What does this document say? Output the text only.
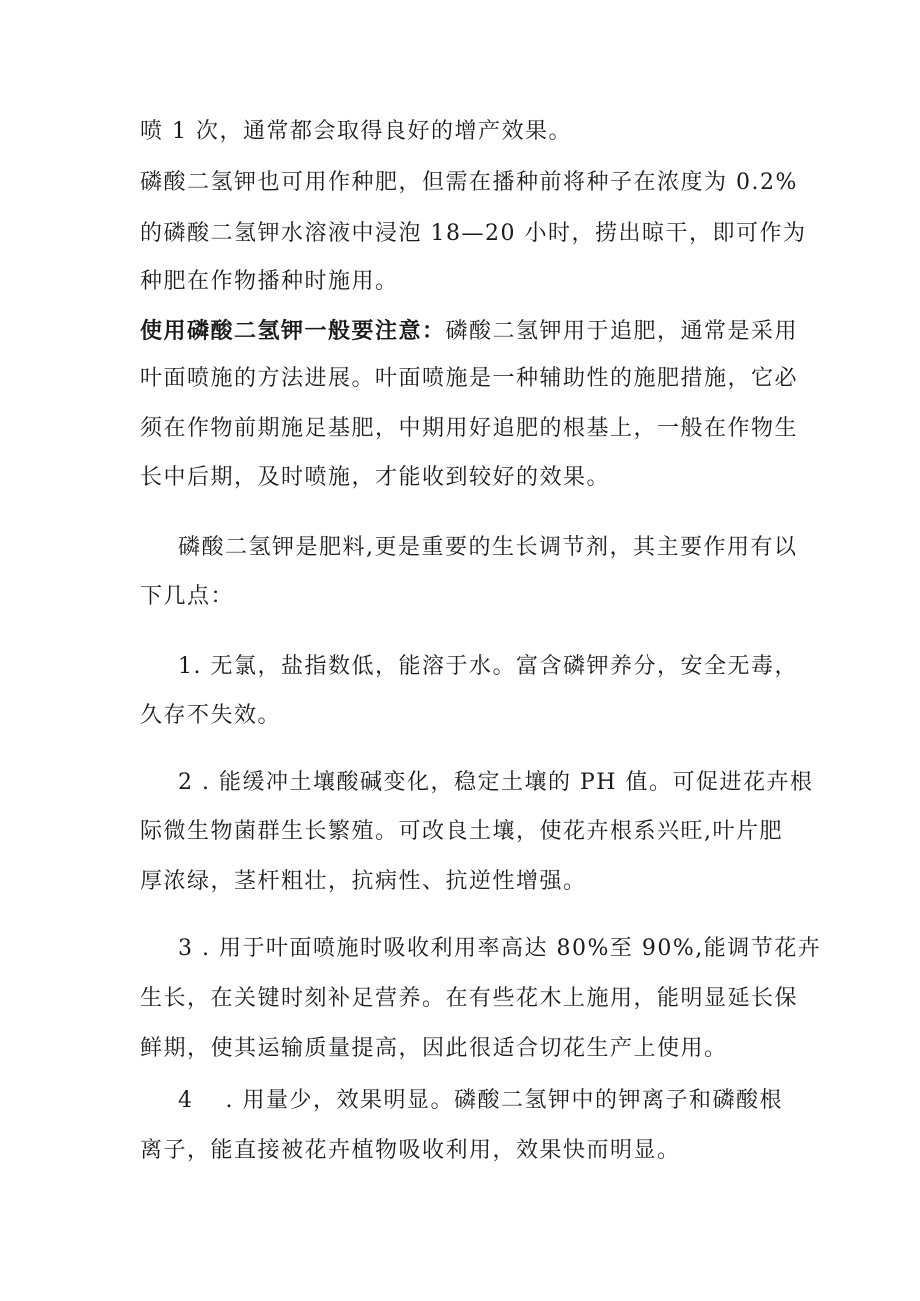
喷 1 次，通常都会取得良好的增产效果。
磷酸二氢钾也可用作种肥，但需在播种前将种子在浓度为 0.2%
的磷酸二氢钾水溶液中浸泡 18—20 小时，捞出晾干，即可作为
种肥在作物播种时施用。
使用磷酸二氢钾一般要注意：磷酸二氢钾用于追肥，通常是采用
叶面喷施的方法进展。叶面喷施是一种辅助性的施肥措施，它必
须在作物前期施足基肥，中期用好追肥的根基上，一般在作物生
长中后期，及时喷施，才能收到较好的效果。
磷酸二氢钾是肥料,更是重要的生长调节剂，其主要作用有以
下几点：
1. 无氯，盐指数低，能溶于水。富含磷钾养分，安全无毒，
久存不失效。
2 . 能缓冲土壤酸碱变化，稳定土壤的 PH 值。可促进花卉根
际微生物菌群生长繁殖。可改良土壤，使花卉根系兴旺,叶片肥
厚浓绿，茎杆粗壮，抗病性、抗逆性增强。
3 . 用于叶面喷施时吸收利用率高达 80%至 90%,能调节花卉
生长，在关键时刻补足营养。在有些花木上施用，能明显延长保
鲜期，使其运输质量提高，因此很适合切花生产上使用。
4　 . 用量少，效果明显。磷酸二氢钾中的钾离子和磷酸根
离子，能直接被花卉植物吸收利用，效果快而明显。
